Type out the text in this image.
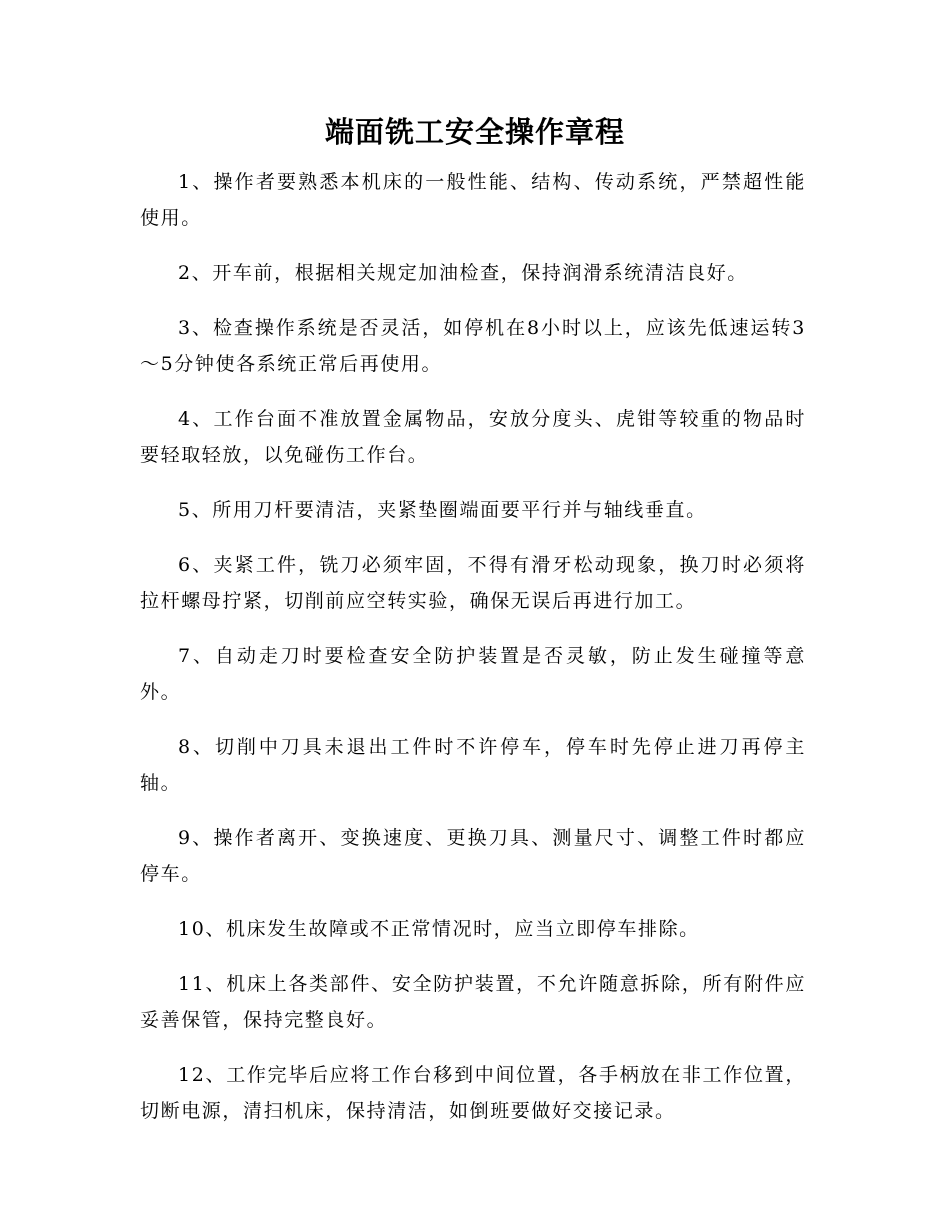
端面铣工安全操作章程

1、操作者要熟悉本机床的一般性能、结构、传动系统，严禁超性能使用。

2、开车前，根据相关规定加油检查，保持润滑系统清洁良好。

3、检查操作系统是否灵活，如停机在8小时以上，应该先低速运转3～5分钟使各系统正常后再使用。

4、工作台面不准放置金属物品，安放分度头、虎钳等较重的物品时要轻取轻放，以免碰伤工作台。

5、所用刀杆要清洁，夹紧垫圈端面要平行并与轴线垂直。

6、夹紧工件，铣刀必须牢固，不得有滑牙松动现象，换刀时必须将拉杆螺母拧紧，切削前应空转实验，确保无误后再进行加工。

7、自动走刀时要检查安全防护装置是否灵敏，防止发生碰撞等意外。

8、切削中刀具未退出工件时不许停车，停车时先停止进刀再停主轴。

9、操作者离开、变换速度、更换刀具、测量尺寸、调整工件时都应停车。

10、机床发生故障或不正常情况时，应当立即停车排除。

11、机床上各类部件、安全防护装置，不允许随意拆除，所有附件应妥善保管，保持完整良好。

12、工作完毕后应将工作台移到中间位置，各手柄放在非工作位置，切断电源，清扫机床，保持清洁，如倒班要做好交接记录。
